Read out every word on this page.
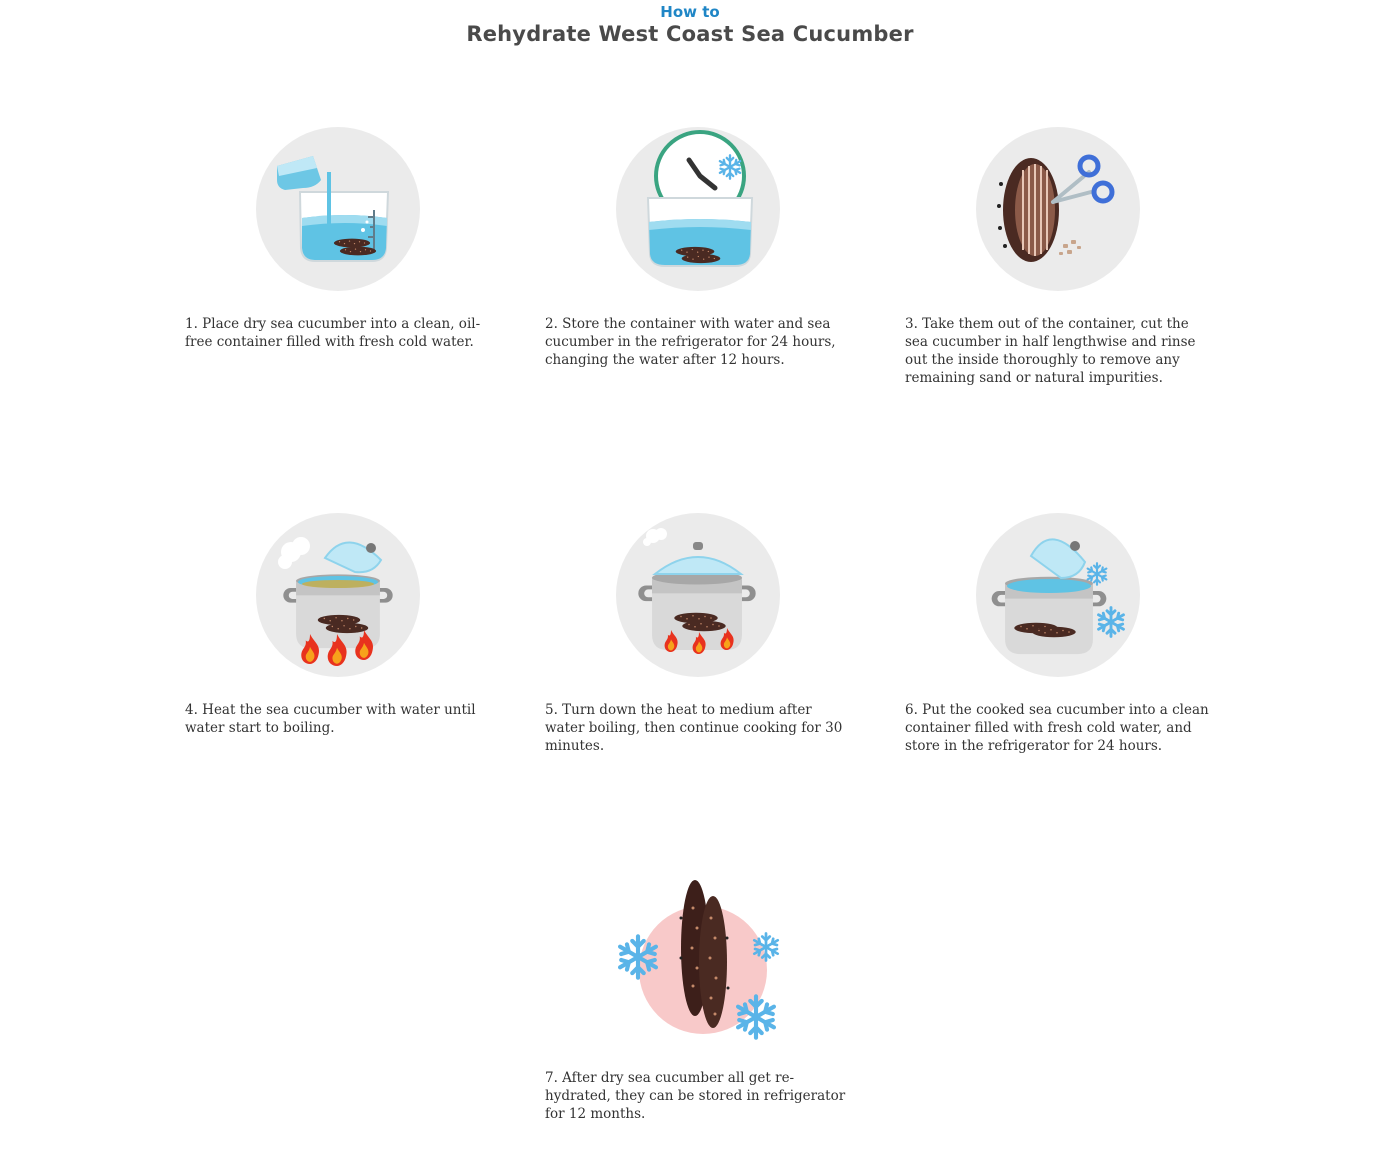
How to
Rehydrate West Coast Sea Cucumber
1. Place dry sea cucumber into a clean, oil-free container filled with fresh cold water.
2. Store the container with water and sea cucumber in the refrigerator for 24 hours, changing the water after 12 hours.
3. Take them out of the container, cut the sea cucumber in half lengthwise and rinse out the inside thoroughly to remove any remaining sand or natural impurities.
4. Heat the sea cucumber with water until water start to boiling.
5. Turn down the heat to medium after water boiling, then continue cooking for 30 minutes.
6. Put the cooked sea cucumber into a clean container filled with fresh cold water, and store in the refrigerator for 24 hours.
7. After dry sea cucumber all get re-hydrated, they can be stored in refrigerator for 12 months.
